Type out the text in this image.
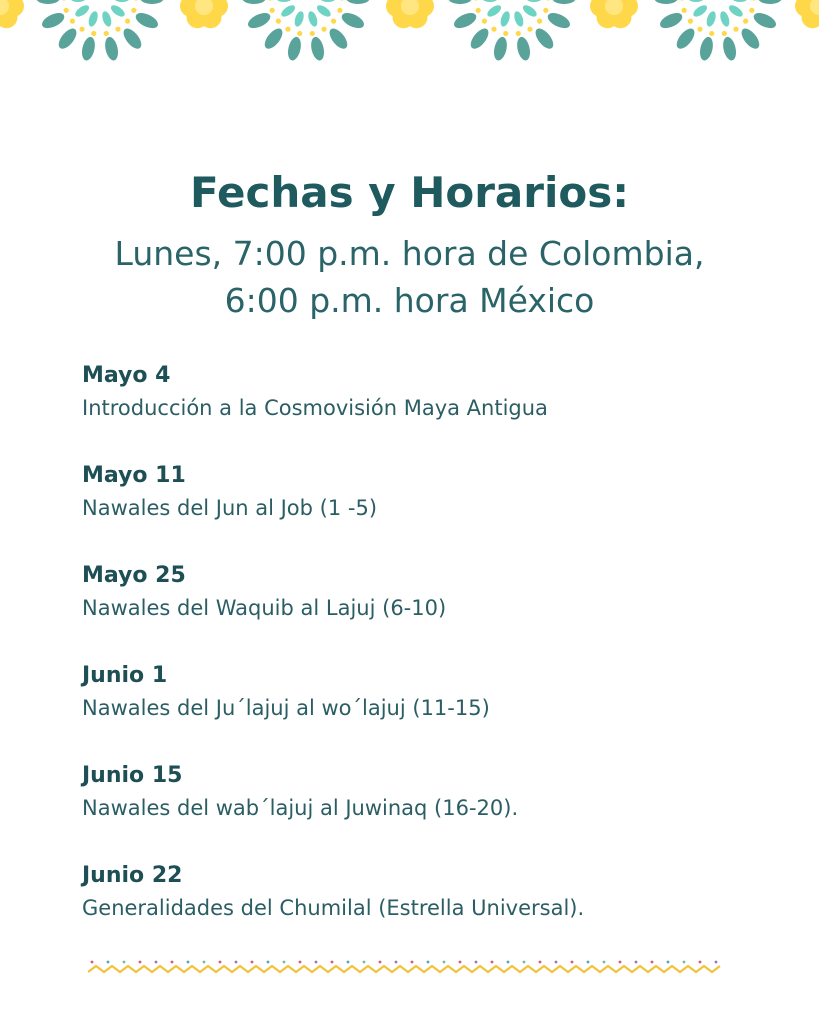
Fechas y Horarios:

Lunes, 7:00 p.m. hora de Colombia,

6:00 p.m. hora México

Mayo 4
Introducción a la Cosmovisión Maya Antigua
Mayo 11
Nawales del Jun al Job (1 -5)
Mayo 25
Nawales del Waquib al Lajuj (6-10)
Junio 1
Nawales del Ju´lajuj al wo´lajuj (11-15)
Junio 15
Nawales del wab´lajuj al Juwinaq (16-20).
Junio 22
Generalidades del Chumilal (Estrella Universal).
